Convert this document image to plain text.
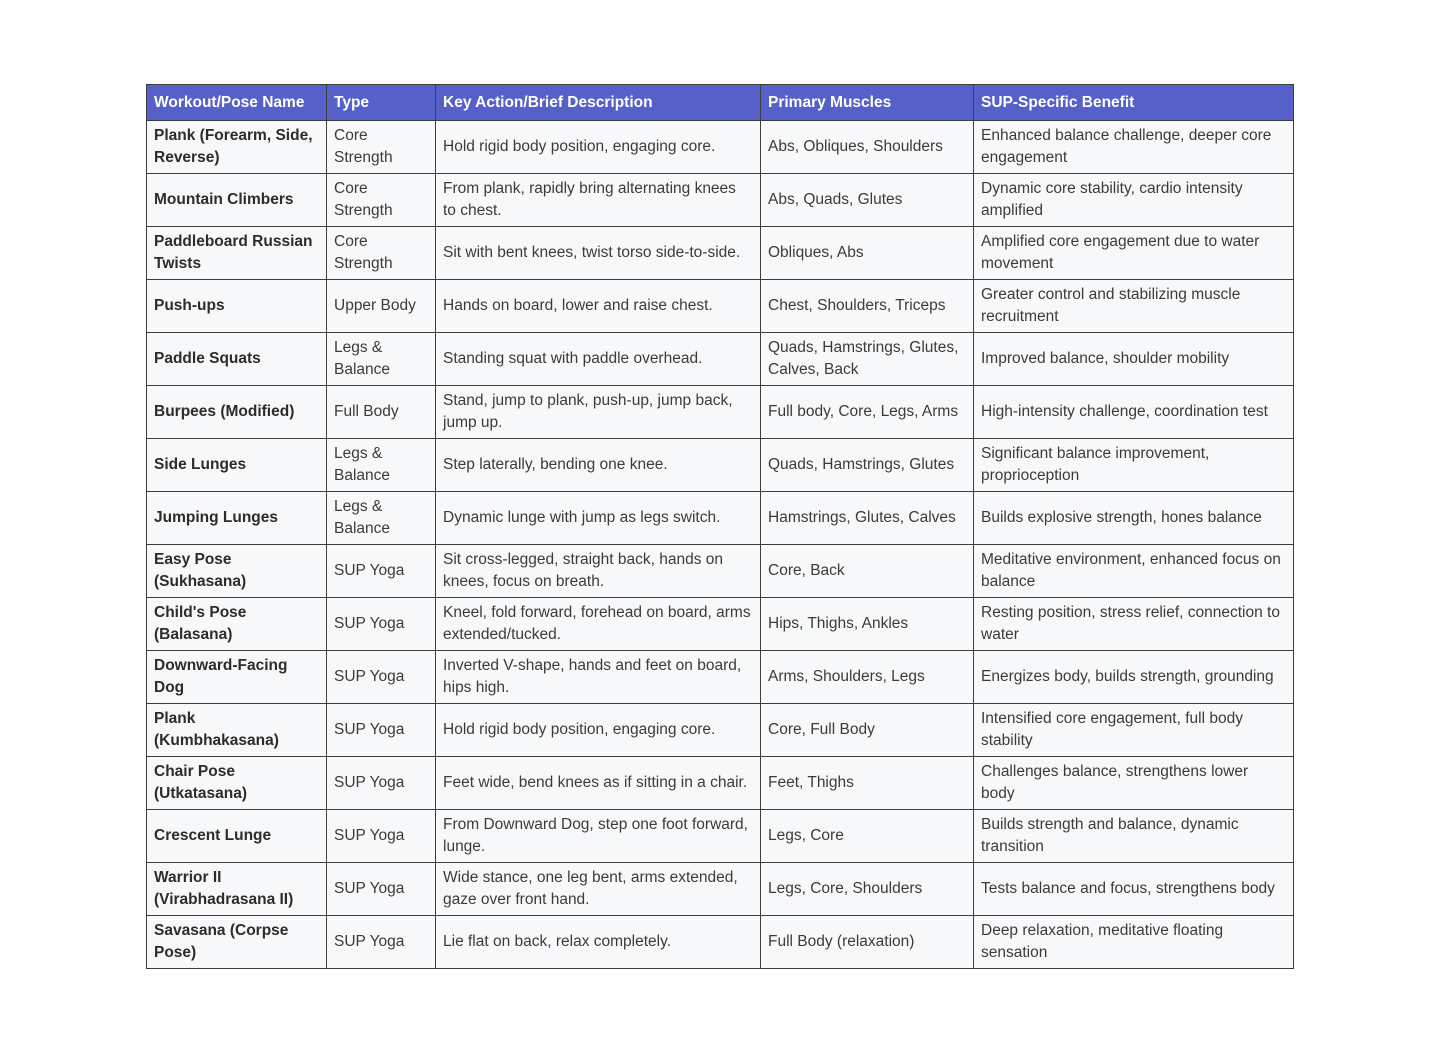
Workout/Pose Name	Type	Key Action/Brief Description	Primary Muscles	SUP-Specific Benefit
Plank (Forearm, Side, Reverse)	Core Strength	Hold rigid body position, engaging core.	Abs, Obliques, Shoulders	Enhanced balance challenge, deeper core engagement
Mountain Climbers	Core Strength	From plank, rapidly bring alternating knees to chest.	Abs, Quads, Glutes	Dynamic core stability, cardio intensity amplified
Paddleboard Russian Twists	Core Strength	Sit with bent knees, twist torso side-to-side.	Obliques, Abs	Amplified core engagement due to water movement
Push-ups	Upper Body	Hands on board, lower and raise chest.	Chest, Shoulders, Triceps	Greater control and stabilizing muscle recruitment
Paddle Squats	Legs & Balance	Standing squat with paddle overhead.	Quads, Hamstrings, Glutes, Calves, Back	Improved balance, shoulder mobility
Burpees (Modified)	Full Body	Stand, jump to plank, push-up, jump back, jump up.	Full body, Core, Legs, Arms	High-intensity challenge, coordination test
Side Lunges	Legs & Balance	Step laterally, bending one knee.	Quads, Hamstrings, Glutes	Significant balance improvement, proprioception
Jumping Lunges	Legs & Balance	Dynamic lunge with jump as legs switch.	Hamstrings, Glutes, Calves	Builds explosive strength, hones balance
Easy Pose (Sukhasana)	SUP Yoga	Sit cross-legged, straight back, hands on knees, focus on breath.	Core, Back	Meditative environment, enhanced focus on balance
Child's Pose (Balasana)	SUP Yoga	Kneel, fold forward, forehead on board, arms extended/tucked.	Hips, Thighs, Ankles	Resting position, stress relief, connection to water
Downward-Facing Dog	SUP Yoga	Inverted V-shape, hands and feet on board, hips high.	Arms, Shoulders, Legs	Energizes body, builds strength, grounding
Plank (Kumbhakasana)	SUP Yoga	Hold rigid body position, engaging core.	Core, Full Body	Intensified core engagement, full body stability
Chair Pose (Utkatasana)	SUP Yoga	Feet wide, bend knees as if sitting in a chair.	Feet, Thighs	Challenges balance, strengthens lower body
Crescent Lunge	SUP Yoga	From Downward Dog, step one foot forward, lunge.	Legs, Core	Builds strength and balance, dynamic transition
Warrior II (Virabhadrasana II)	SUP Yoga	Wide stance, one leg bent, arms extended, gaze over front hand.	Legs, Core, Shoulders	Tests balance and focus, strengthens body
Savasana (Corpse Pose)	SUP Yoga	Lie flat on back, relax completely.	Full Body (relaxation)	Deep relaxation, meditative floating sensation
